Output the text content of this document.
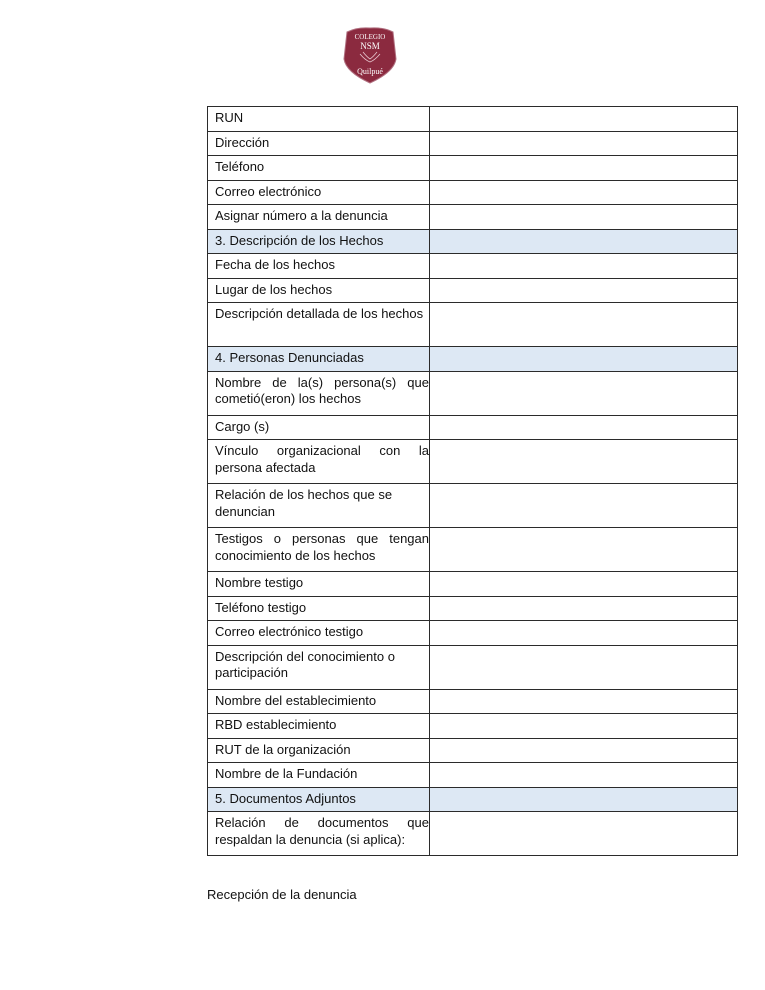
COLEGIO
NSM
Quilpué
RUN	
Dirección	
Teléfono	
Correo electrónico	
Asignar número a la denuncia	
3. Descripción de los Hechos	
Fecha de los hechos	
Lugar de los hechos	
Descripción detallada de los hechos	
4. Personas Denunciadas	
Nombre de la(s) persona(s) que cometió(eron) los hechos	
Cargo (s)	
Vínculo organizacional con la persona afectada	
Relación de los hechos que se denuncian	
Testigos o personas que tengan conocimiento de los hechos	
Nombre testigo	
Teléfono testigo	
Correo electrónico testigo	
Descripción del conocimiento o participación	
Nombre del establecimiento	
RBD establecimiento	
RUT de la organización	
Nombre de la Fundación	
5. Documentos Adjuntos	
Relación de documentos que respaldan la denuncia (si aplica):	
Recepción de la denuncia
